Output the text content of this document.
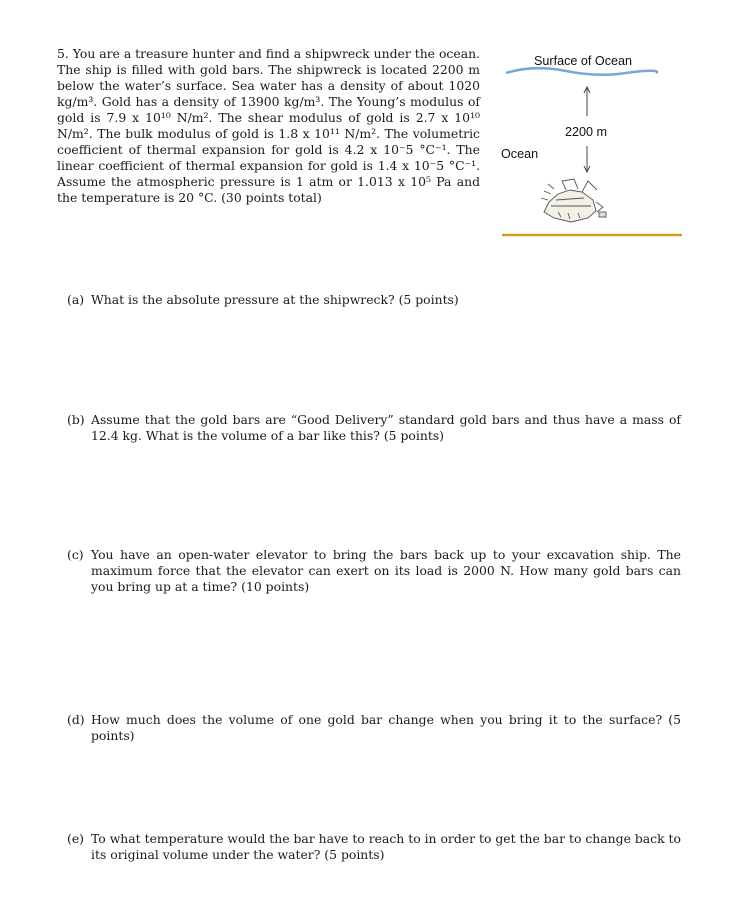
5. You are a treasure hunter and find a shipwreck under the ocean. The ship is filled with gold bars. The shipwreck is located 2200 m below the water’s surface. Sea water has a density of about 1020 kg/m³. Gold has a density of 13900 kg/m³. The Young’s modulus of gold is 7.9 x 10¹⁰ N/m². The shear modulus of gold is 2.7 x 10¹⁰ N/m². The bulk modulus of gold is 1.8 x 10¹¹ N/m². The volumetric coefficient of thermal expansion for gold is 4.2 x 10⁻5 °C⁻¹. The linear coefficient of thermal expansion for gold is 1.4 x 10⁻5 °C⁻¹. Assume the atmospheric pressure is 1 atm or 1.013 x 10⁵ Pa and the temperature is 20 °C. (30 points total)
Surface of Ocean
2200 m
Ocean
(a) What is the absolute pressure at the shipwreck? (5 points)
(b) Assume that the gold bars are “Good Delivery” standard gold bars and thus have a mass of 12.4 kg. What is the volume of a bar like this? (5 points)
(c) You have an open-water elevator to bring the bars back up to your excavation ship. The maximum force that the elevator can exert on its load is 2000 N. How many gold bars can you bring up at a time? (10 points)
(d) How much does the volume of one gold bar change when you bring it to the surface? (5 points)
(e) To what temperature would the bar have to reach to in order to get the bar to change back to its original volume under the water? (5 points)
